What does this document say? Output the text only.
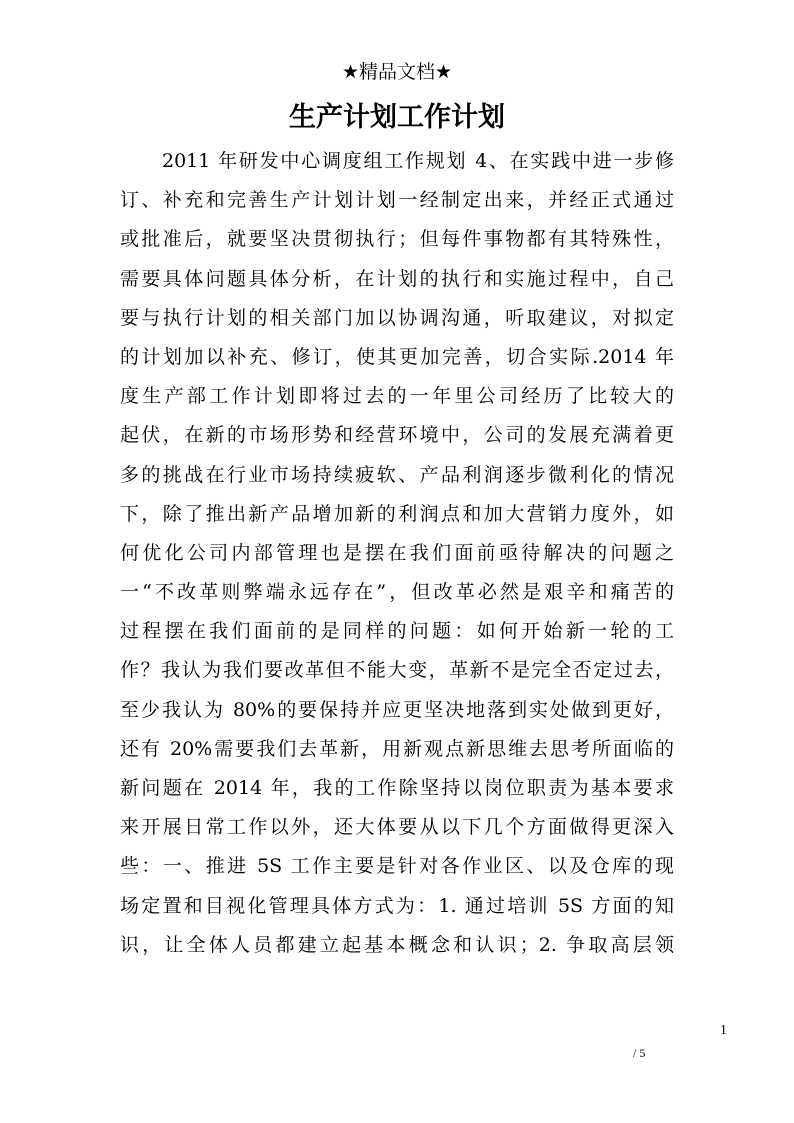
★精品文档★
生产计划工作计划
2011 年研发中心调度组工作规划 4、在实践中进一步修
订、补充和完善生产计划计划一经制定出来，并经正式通过
或批准后，就要坚决贯彻执行；但每件事物都有其特殊性，
需要具体问题具体分析，在计划的执行和实施过程中，自己
要与执行计划的相关部门加以协调沟通，听取建议，对拟定
的计划加以补充、修订，使其更加完善，切合实际.2014 年
度生产部工作计划即将过去的一年里公司经历了比较大的
起伏，在新的市场形势和经营环境中，公司的发展充满着更
多的挑战在行业市场持续疲软、产品利润逐步微利化的情况
下，除了推出新产品增加新的利润点和加大营销力度外，如
何优化公司内部管理也是摆在我们面前亟待解决的问题之
一“不改革则弊端永远存在”，但改革必然是艰辛和痛苦的
过程摆在我们面前的是同样的问题：如何开始新一轮的工
作？我认为我们要改革但不能大变，革新不是完全否定过去，
至少我认为 80%的要保持并应更坚决地落到实处做到更好，
还有 20%需要我们去革新，用新观点新思维去思考所面临的
新问题在 2014 年，我的工作除坚持以岗位职责为基本要求
来开展日常工作以外，还大体要从以下几个方面做得更深入
些：一、推进 5S 工作主要是针对各作业区、以及仓库的现
场定置和目视化管理具体方式为：1. 通过培训 5S 方面的知
识，让全体人员都建立起基本概念和认识；2. 争取高层领
1
/ 5
